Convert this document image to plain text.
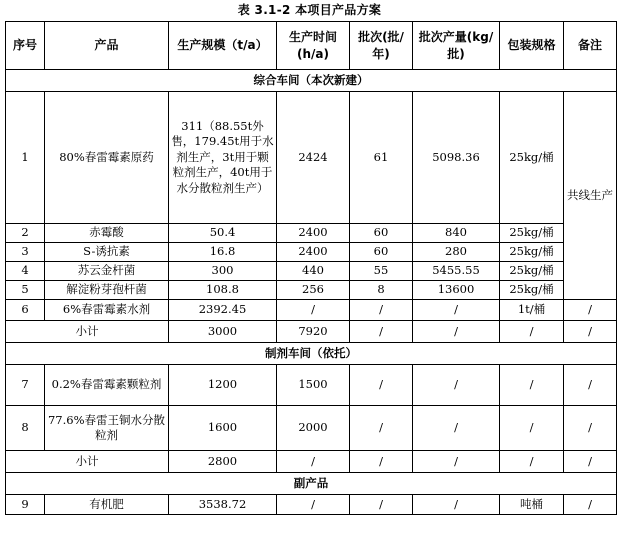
表 3.1-2 本项目产品方案
序号	产品	生产规模（t/a）	生产时间(h/a)	批次(批/年)	批次产量(kg/批)	包装规格	备注
综合车间（本次新建）							
1	80%春雷霉素原药	311（88.55t外售，179.45t用于水剂生产，3t用于颗粒剂生产，40t用于水分散粒剂生产）	2424	61	5098.36	25kg/桶	共线生产
2	赤霉酸	50.4	2400	60	840	25kg/桶	
3	S-诱抗素	16.8	2400	60	280	25kg/桶	
4	苏云金杆菌	300	440	55	5455.55	25kg/桶	
5	解淀粉芽孢杆菌	108.8	256	8	13600	25kg/桶	
6	6%春雷霉素水剂	2392.45	/	/	/	1t/桶	/
小计		3000	7920	/	/	/	/
制剂车间（依托）							
7	0.2%春雷霉素颗粒剂	1200	1500	/	/	/	/
8	77.6%春雷王铜水分散粒剂	1600	2000	/	/	/	/
小计		2800	/	/	/	/	/
副产品							
9	有机肥	3538.72	/	/	/	吨桶	/
